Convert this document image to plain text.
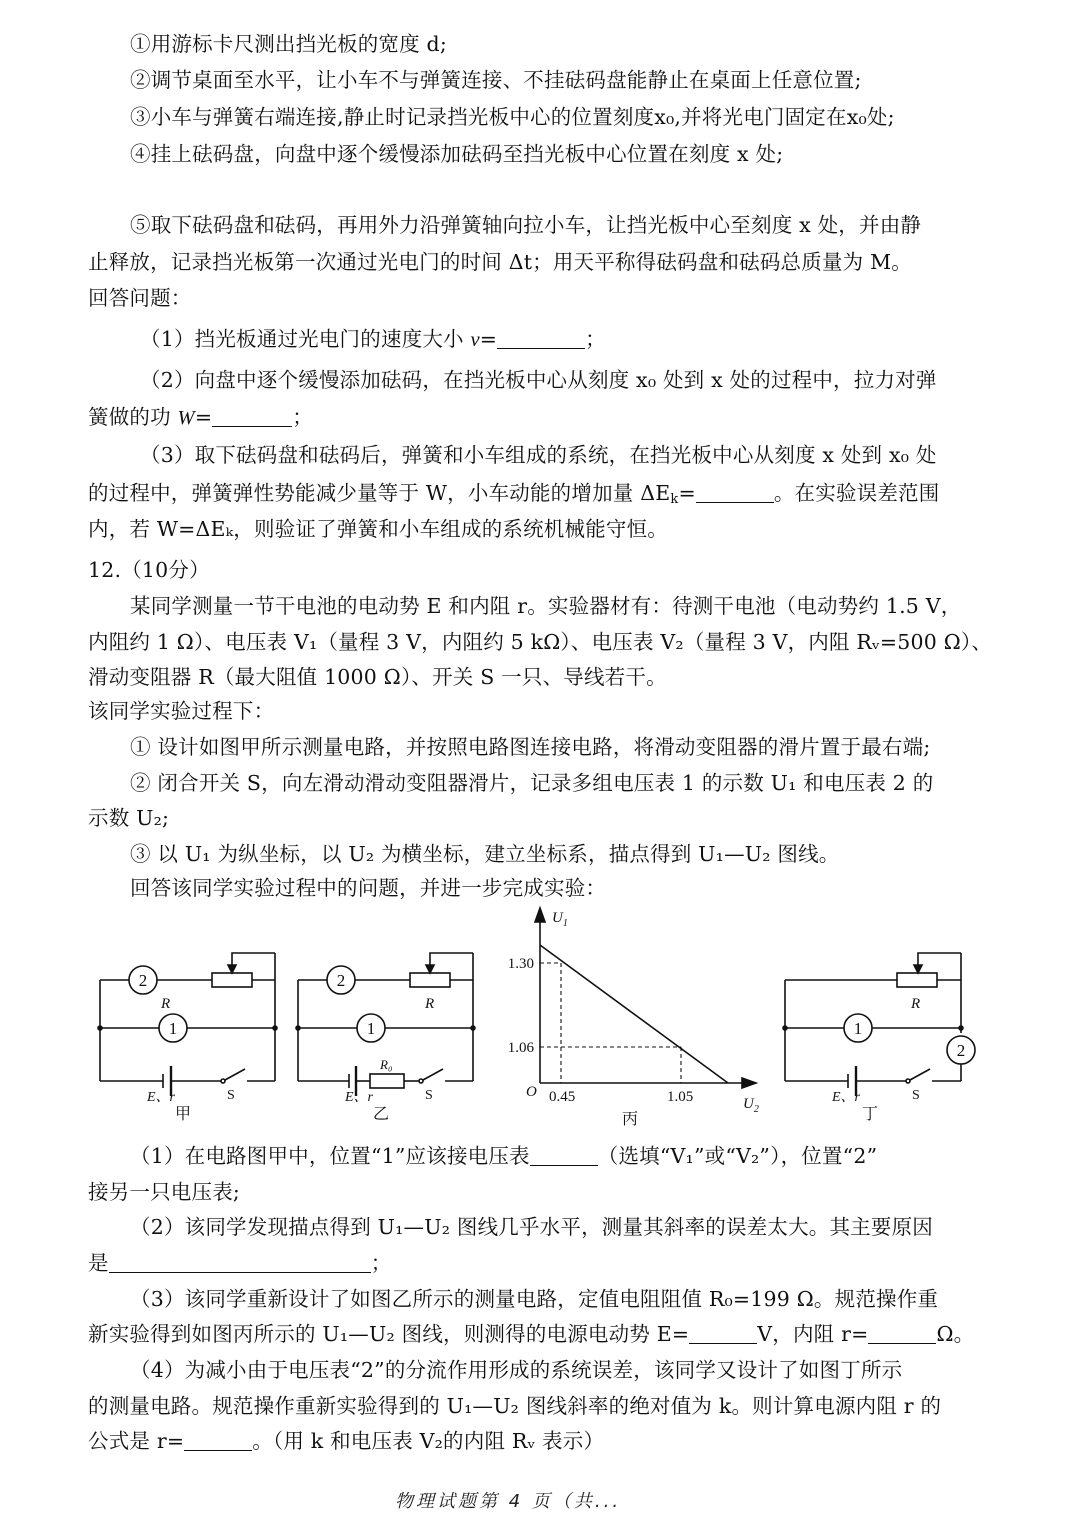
①用游标卡尺测出挡光板的宽度 d;
②调节桌面至水平，让小车不与弹簧连接、不挂砝码盘能静止在桌面上任意位置;
③小车与弹簧右端连接,静止时记录挡光板中心的位置刻度x₀,并将光电门固定在x₀处;
④挂上砝码盘，向盘中逐个缓慢添加砝码至挡光板中心位置在刻度 x 处;
⑤取下砝码盘和砝码，再用外力沿弹簧轴向拉小车，让挡光板中心至刻度 x 处，并由静
止释放，记录挡光板第一次通过光电门的时间 Δt；用天平称得砝码盘和砝码总质量为 M。
回答问题：
（1）挡光板通过光电门的速度大小 v=	；
（2）向盘中逐个缓慢添加砝码，在挡光板中心从刻度 x₀ 处到 x 处的过程中，拉力对弹
簧做的功 W=	；
（3）取下砝码盘和砝码后，弹簧和小车组成的系统，在挡光板中心从刻度 x 处到 x₀ 处
的过程中，弹簧弹性势能减少量等于 W，小车动能的增加量 $\Delta E_k=$	。在实验误差范围
内，若 W=ΔEₖ，则验证了弹簧和小车组成的系统机械能守恒。
12.（10分）
某同学测量一节干电池的电动势 E 和内阻 r。实验器材有：待测干电池（电动势约 1.5 V，
内阻约 1 Ω）、电压表 V₁（量程 3 V，内阻约 5 kΩ）、电压表 V₂（量程 3 V，内阻 Rᵥ=500 Ω）、
滑动变阻器 R（最大阻值 1000 Ω）、开关 S 一只、导线若干。
该同学实验过程下：
① 设计如图甲所示测量电路，并按照电路图连接电路，将滑动变阻器的滑片置于最右端;
② 闭合开关 S，向左滑动滑动变阻器滑片，记录多组电压表 1 的示数 U₁ 和电压表 2 的
示数 U₂;
③ 以 U₁ 为纵坐标，以 U₂ 为横坐标，建立坐标系，描点得到 U₁—U₂ 图线。
回答该同学实验过程中的问题，并进一步完成实验：
R
2
1
E、r	S
甲
R
2
1
R₀
E、r	S
乙
1.30
0.45
1.06
1.05
$U_1$
$U_2$
O
丙
R
1
2
E、r	S
丁
（1）在电路图甲中，位置“1”应该接电压表	（选填“V₁”或“V₂”），位置“2”
接另一只电压表;
（2）该同学发现描点得到 U₁—U₂ 图线几乎水平，测量其斜率的误差太大。其主要原因
是	；
（3）该同学重新设计了如图乙所示的测量电路，定值电阻阻值 R₀=199 Ω。规范操作重
新实验得到如图丙所示的 U₁—U₂ 图线，则测得的电源电动势 E=	V，内阻 r=	Ω。
（4）为减小由于电压表“2”的分流作用形成的系统误差，该同学又设计了如图丁所示
的测量电路。规范操作重新实验得到的 U₁—U₂ 图线斜率的绝对值为 k。则计算电源内阻 r 的
公式是 r=	。（用 k 和电压表 V₂的内阻 Rᵥ 表示）
物理试题第 4 页（共...
